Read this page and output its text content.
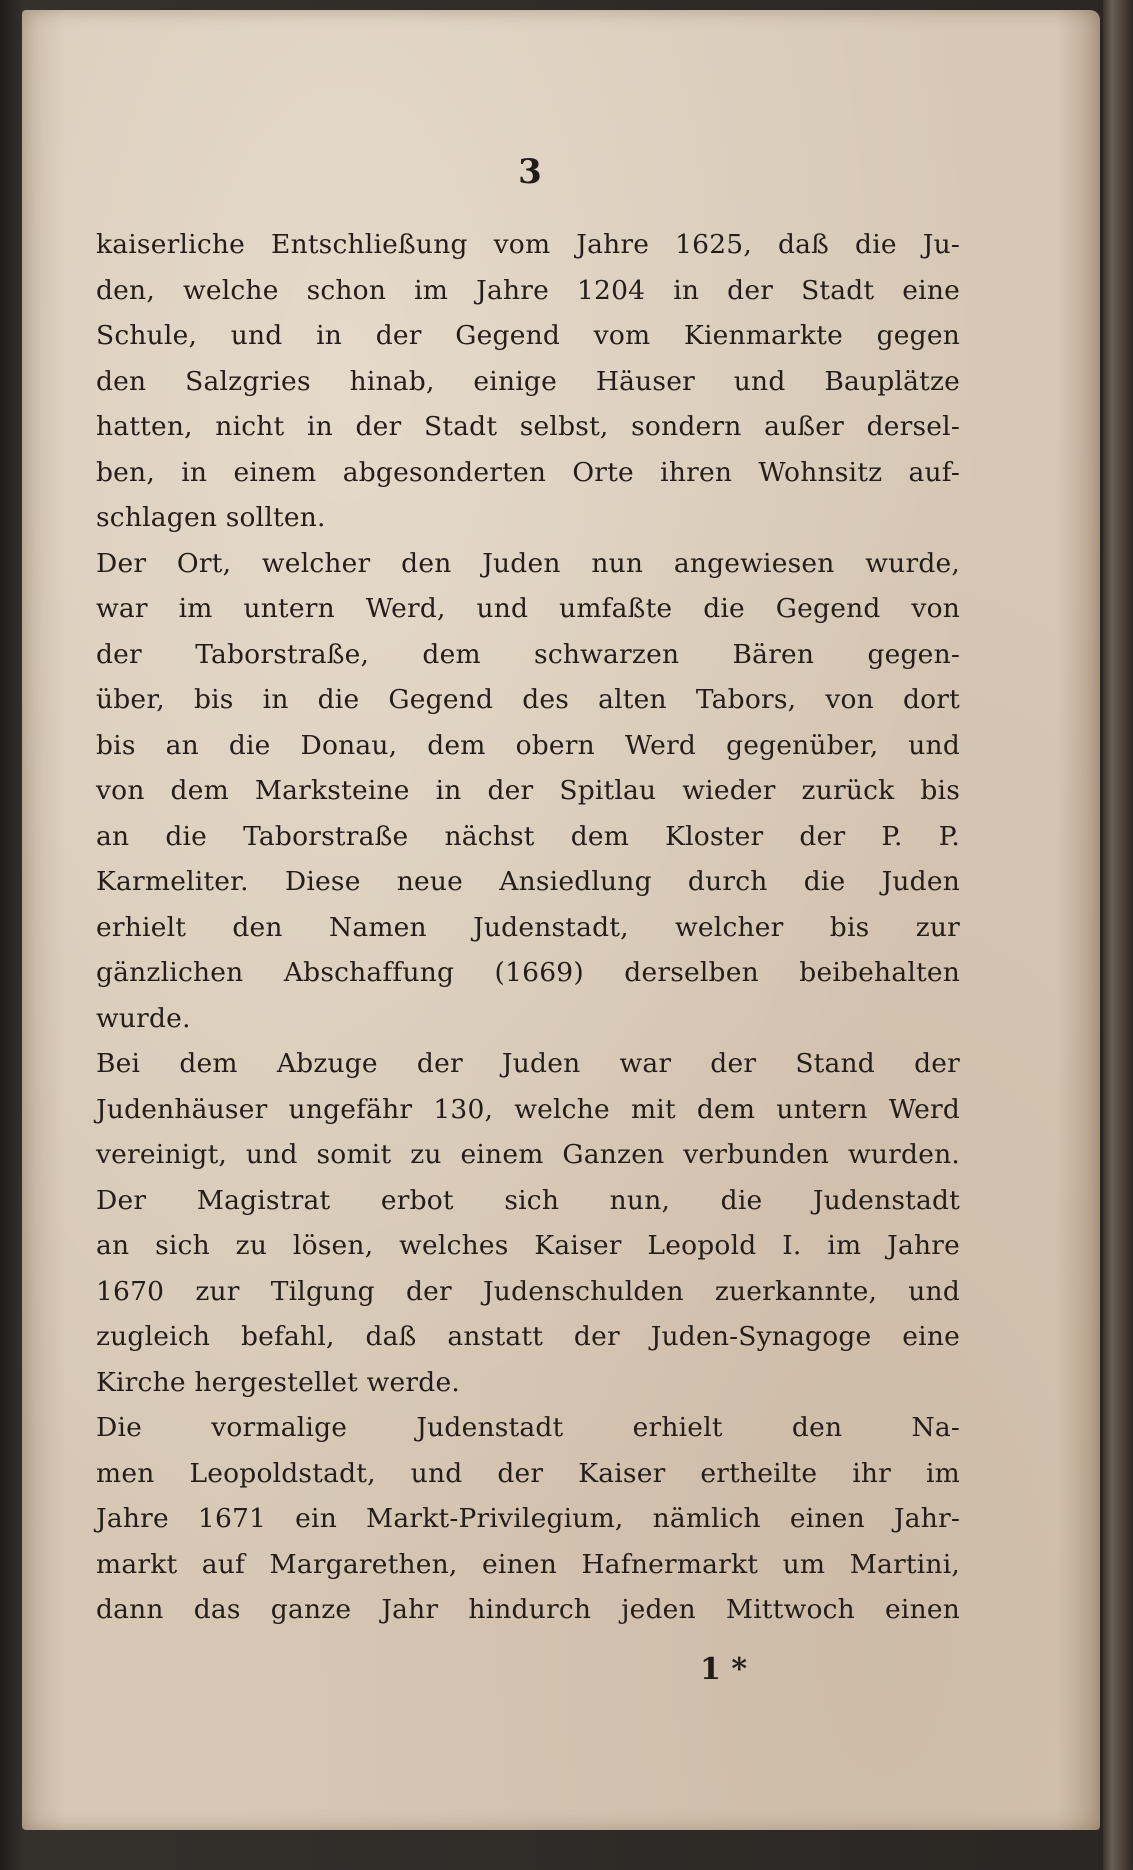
3
kaiserliche Entschließung vom Jahre 1625, daß die Ju-
den, welche schon im Jahre 1204 in der Stadt eine
Schule, und in der Gegend vom Kienmarkte gegen
den Salzgries hinab, einige Häuser und Bauplätze
hatten, nicht in der Stadt selbst, sondern außer dersel-
ben, in einem abgesonderten Orte ihren Wohnsitz auf-
schlagen sollten.
Der Ort, welcher den Juden nun angewiesen wurde,
war im untern Werd, und umfaßte die Gegend von
der Taborstraße, dem schwarzen Bären gegen-
über, bis in die Gegend des alten Tabors, von dort
bis an die Donau, dem obern Werd gegenüber, und
von dem Marksteine in der Spitlau wieder zurück bis
an die Taborstraße nächst dem Kloster der P. P.
Karmeliter. Diese neue Ansiedlung durch die Juden
erhielt den Namen Judenstadt, welcher bis zur
gänzlichen Abschaffung (1669) derselben beibehalten
wurde.
Bei dem Abzuge der Juden war der Stand der
Judenhäuser ungefähr 130, welche mit dem untern Werd
vereinigt, und somit zu einem Ganzen verbunden wurden.
Der Magistrat erbot sich nun, die Judenstadt
an sich zu lösen, welches Kaiser Leopold I. im Jahre
1670 zur Tilgung der Judenschulden zuerkannte, und
zugleich befahl, daß anstatt der Juden-Synagoge eine
Kirche hergestellet werde.
Die vormalige Judenstadt erhielt den Na-
men Leopoldstadt, und der Kaiser ertheilte ihr im
Jahre 1671 ein Markt-Privilegium, nämlich einen Jahr-
markt auf Margarethen, einen Hafnermarkt um Martini,
dann das ganze Jahr hindurch jeden Mittwoch einen
1 *
